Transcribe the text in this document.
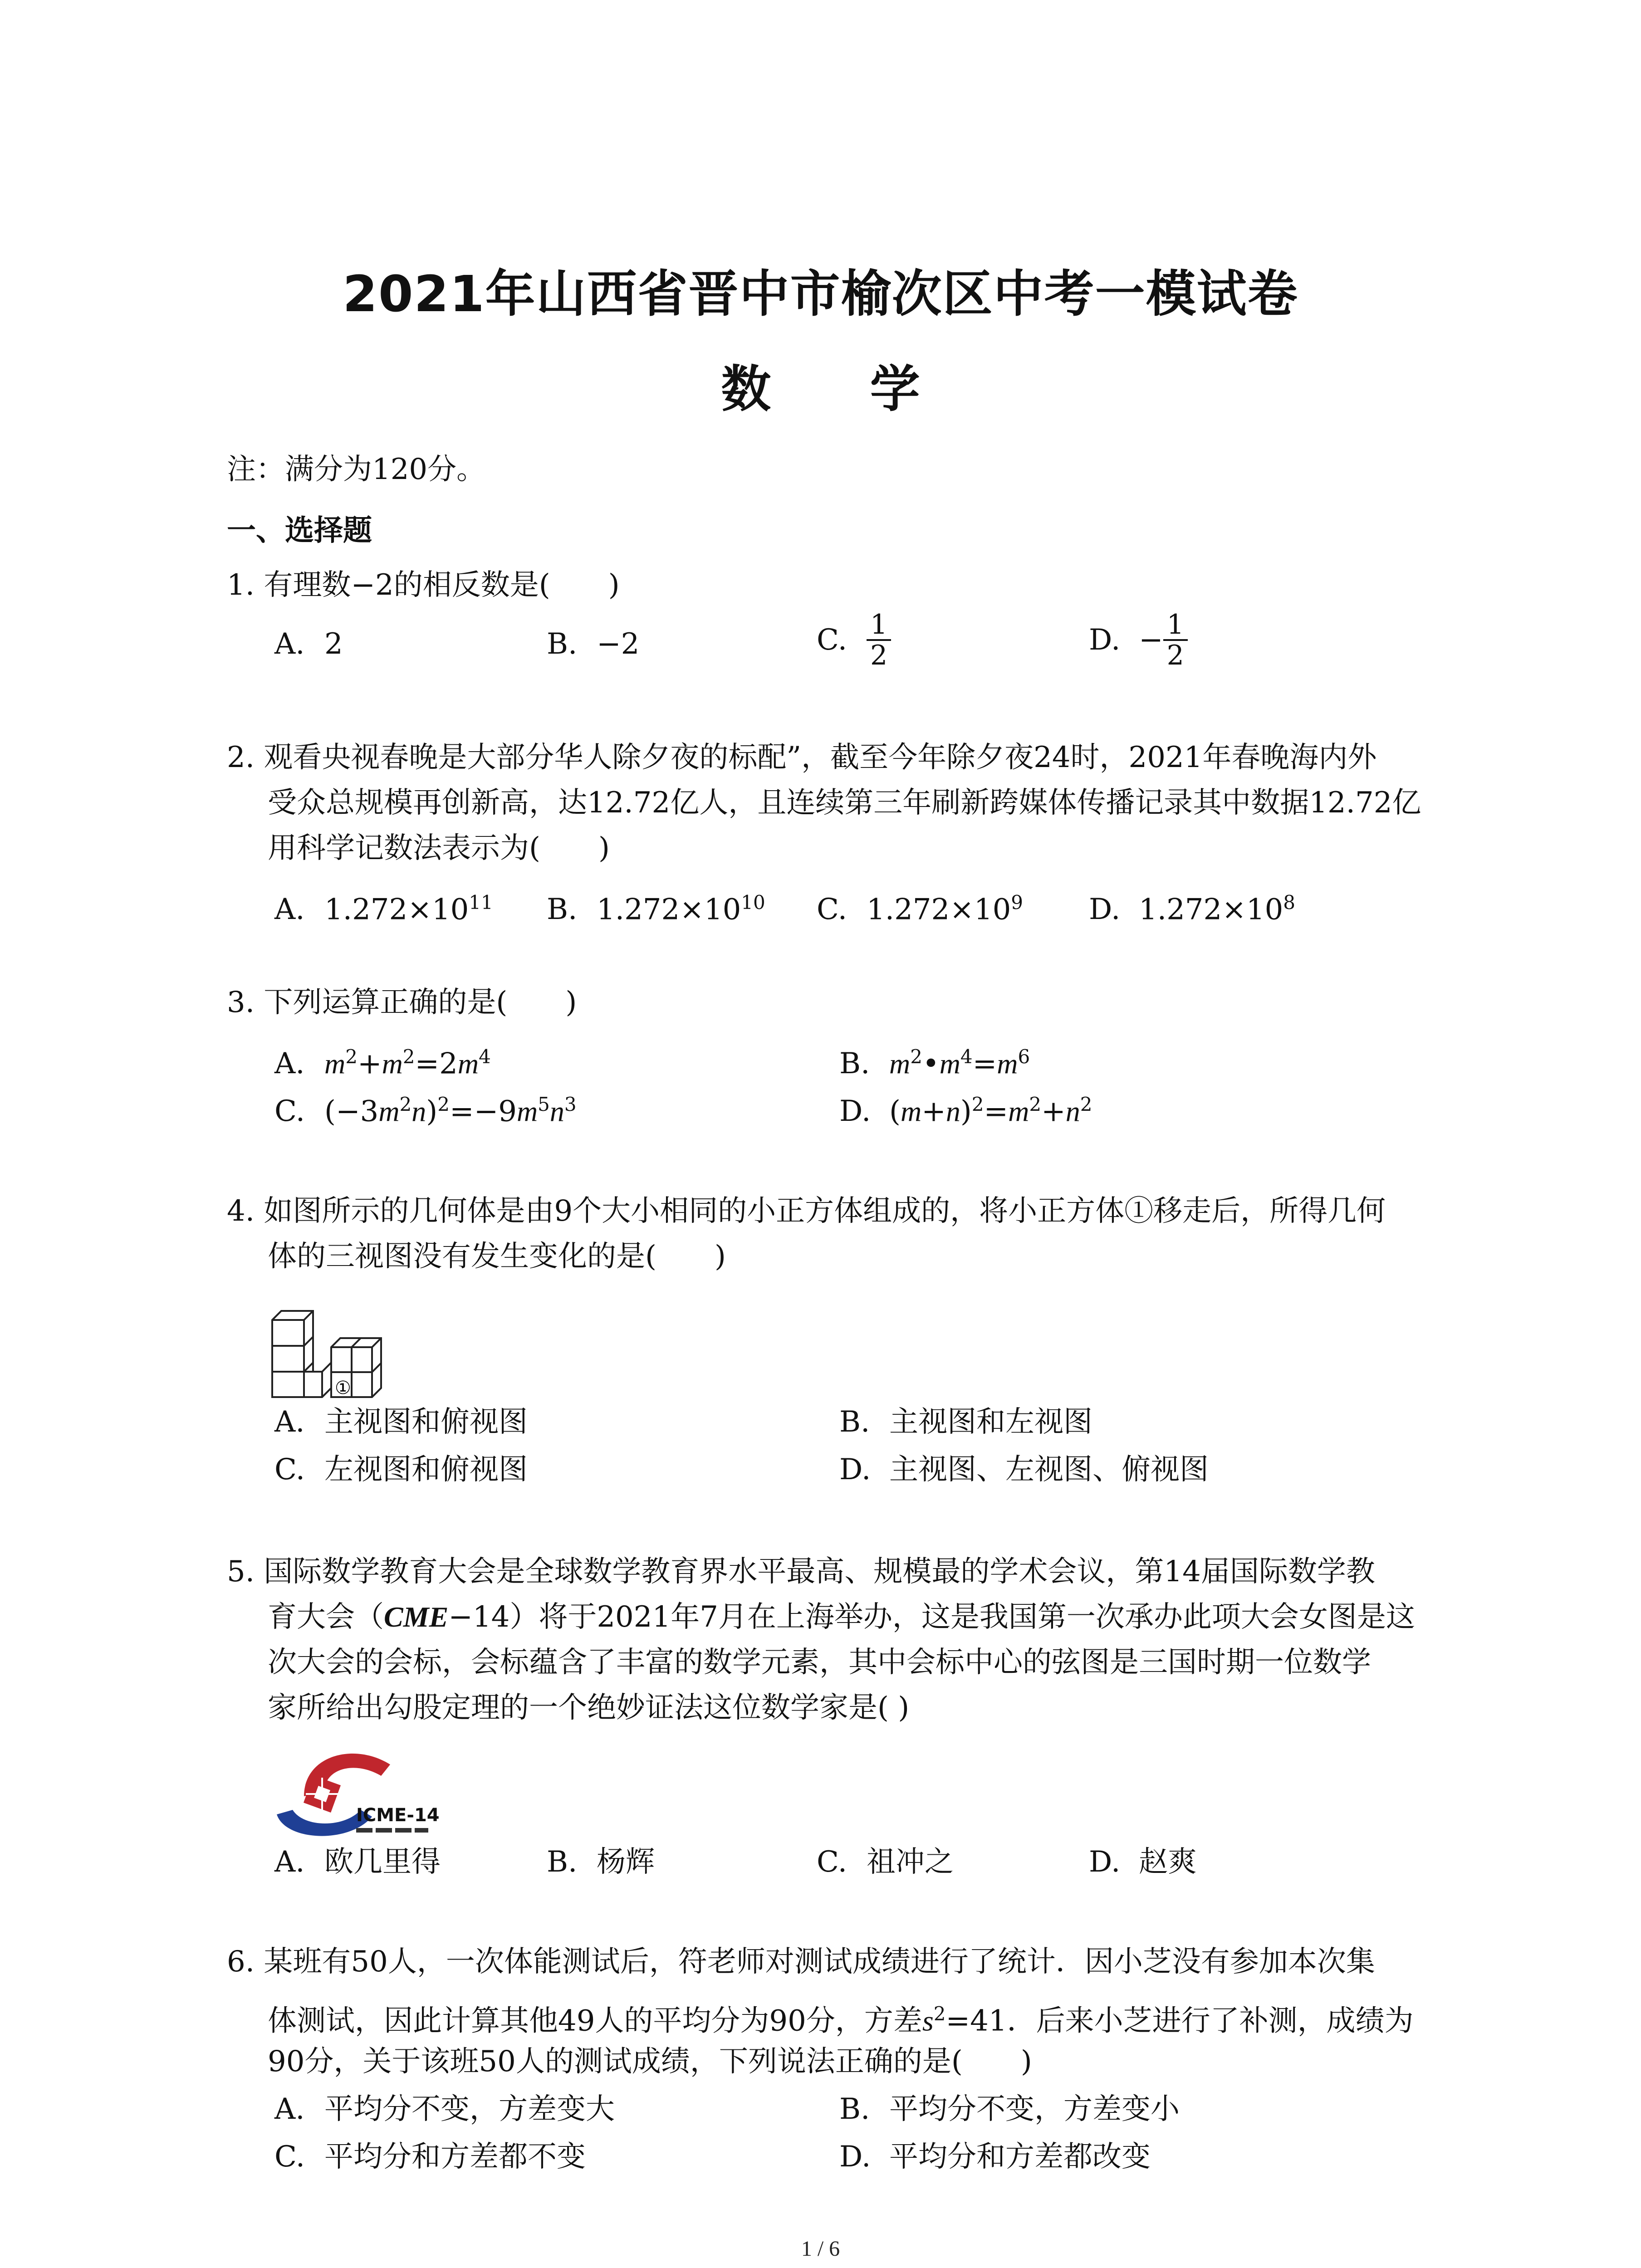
2021年山西省晋中市榆次区中考一模试卷
数 学
注：满分为120分。
一、选择题
1. 有理数−2的相反数是(　　)
A. 2	B. −2	C. $\frac{1}{2}$	D. − $\frac{1}{2}$
2. 观看央视春晚是大部分华人除夕夜的标配”，截至今年除夕夜24时，2021年春晚海内外
受众总规模再创新高，达12.72亿人，且连续第三年刷新跨媒体传播记录其中数据12.72亿
用科学记数法表示为(　　)
A. $1.272\times 10^{11}$ B. $1.272\times 10^{10}$ C. $1.272\times 10^9$ D. $1.272\times 10^8$
3. 下列运算正确的是(　　)
A. $m^2+m^2=2m^4$	B. $m^2•m^4=m^6$
C. $(-3m^2n)^2=-9m^5n^3$	D. $(m+n)^2=m^2+n^2$
4. 如图所示的几何体是由9个大小相同的小正方体组成的，将小正方体①移走后，所得几何
体的三视图没有发生变化的是(　　)
①
A. 主视图和俯视图	B. 主视图和左视图
C. 左视图和俯视图	D. 主视图、左视图、俯视图
5. 国际数学教育大会是全球数学教育界水平最高、规模最的学术会议，第14届国际数学教
育大会（CME−14）将于2021年7月在上海举办，这是我国第一次承办此项大会女图是这
次大会的会标，会标蕴含了丰富的数学元素，其中会标中心的弦图是三国时期一位数学
家所给出勾股定理的一个绝妙证法这位数学家是( )
ICME-14
A. 欧几里得	B. 杨辉	C. 祖冲之	D. 赵爽
6. 某班有50人，一次体能测试后，符老师对测试成绩进行了统计．因小芝没有参加本次集
体测试，因此计算其他49人的平均分为90分，方差$s^2=41$．后来小芝进行了补测，成绩为
90分，关于该班50人的测试成绩，下列说法正确的是(　　)
A. 平均分不变，方差变大	B. 平均分不变，方差变小
C. 平均分和方差都不变	D. 平均分和方差都改变
1 / 6
